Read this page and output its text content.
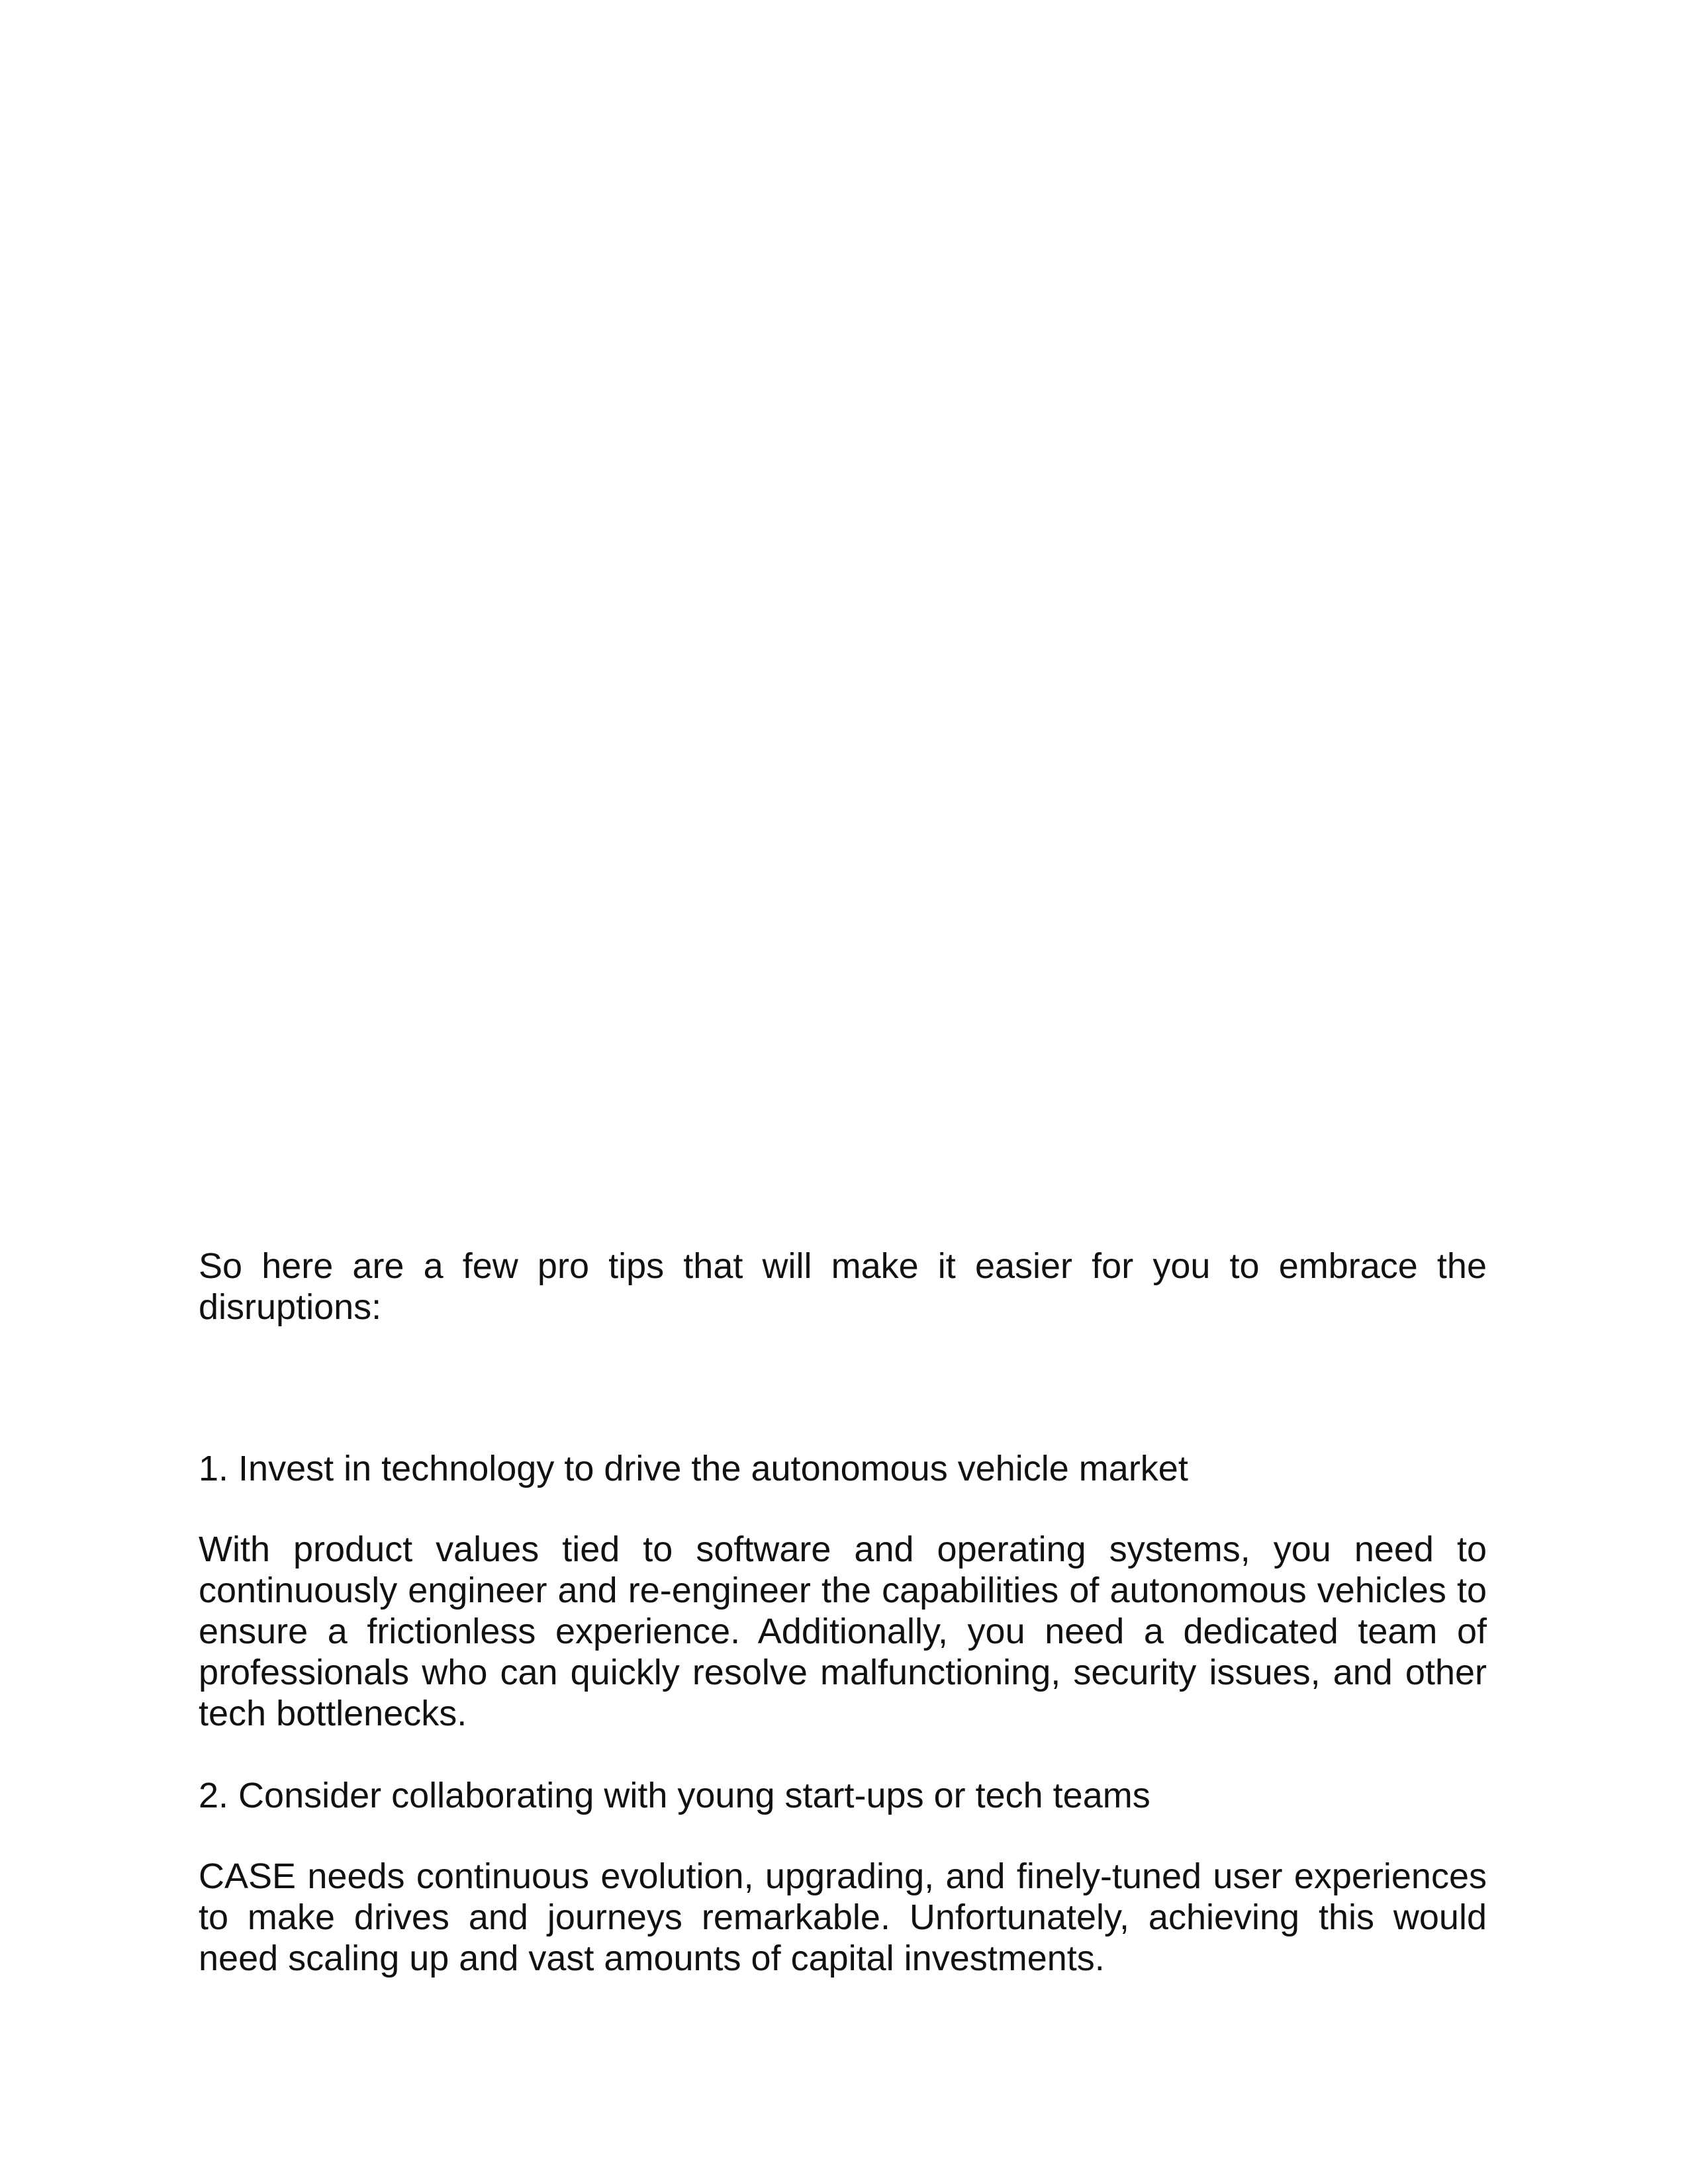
So here are a few pro tips that will make it easier for you to embrace the disruptions:

1. Invest in technology to drive the autonomous vehicle market

With product values tied to software and operating systems, you need to continuously engineer and re-engineer the capabilities of autonomous vehicles to ensure a frictionless experience. Additionally, you need a dedicated team of professionals who can quickly resolve malfunctioning, security issues, and other tech bottlenecks.

2. Consider collaborating with young start-ups or tech teams

CASE needs continuous evolution, upgrading, and finely-tuned user experiences to make drives and journeys remarkable. Unfortunately, achieving this would need scaling up and vast amounts of capital investments.
